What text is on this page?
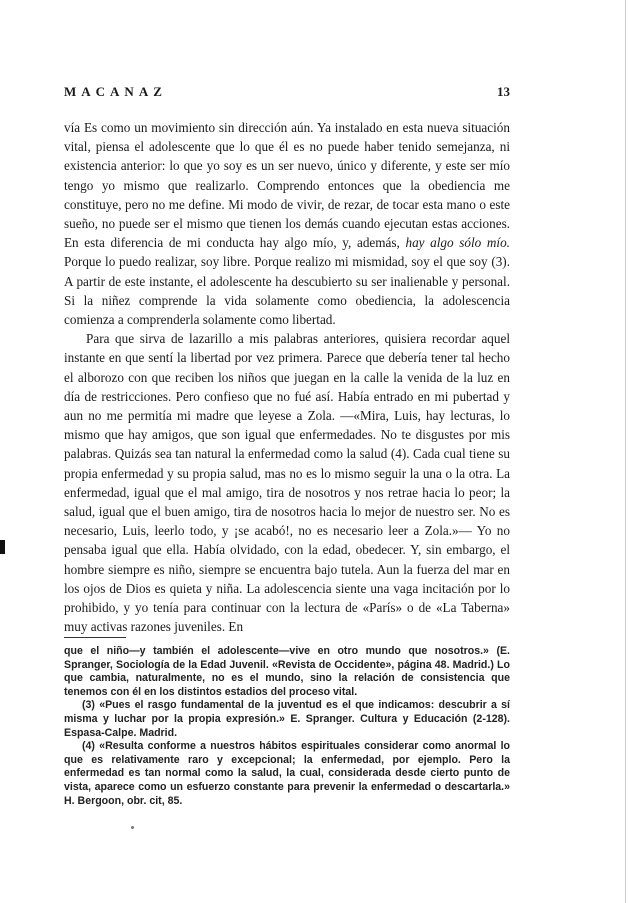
MACANAZ	13

vía Es como un movimiento sin dirección aún. Ya instalado en esta nueva situación vital, piensa el adolescente que lo que él es no puede haber tenido semejanza, ni existencia anterior: lo que yo soy es un ser nuevo, único y diferente, y este ser mío tengo yo mismo que realizarlo. Comprendo entonces que la obediencia me constituye, pero no me define. Mi modo de vivir, de rezar, de tocar esta mano o este sueño, no puede ser el mismo que tienen los demás cuando ejecutan estas acciones. En esta diferencia de mi conducta hay algo mío, y, además, hay algo sólo mío. Porque lo puedo realizar, soy libre. Porque realizo mi mismidad, soy el que soy (3). A partir de este instante, el adolescente ha descubierto su ser inalienable y personal. Si la niñez comprende la vida solamente como obediencia, la adolescencia comienza a comprenderla solamente como libertad.

Para que sirva de lazarillo a mis palabras anteriores, quisiera recordar aquel instante en que sentí la libertad por vez primera. Parece que debería tener tal hecho el alborozo con que reciben los niños que juegan en la calle la venida de la luz en día de restricciones. Pero confieso que no fué así. Había entrado en mi pubertad y aun no me permitía mi madre que leyese a Zola. —«Mira, Luis, hay lecturas, lo mismo que hay amigos, que son igual que enfermedades. No te disgustes por mis palabras. Quizás sea tan natural la enfermedad como la salud (4). Cada cual tiene su propia enfermedad y su propia salud, mas no es lo mismo seguir la una o la otra. La enfermedad, igual que el mal amigo, tira de nosotros y nos retrae hacia lo peor; la salud, igual que el buen amigo, tira de nosotros hacia lo mejor de nuestro ser. No es necesario, Luis, leerlo todo, y ¡se acabó!, no es necesario leer a Zola.»— Yo no pensaba igual que ella. Había olvidado, con la edad, obedecer. Y, sin embargo, el hombre siempre es niño, siempre se encuentra bajo tutela. Aun la fuerza del mar en los ojos de Dios es quieta y niña. La adolescencia siente una vaga incitación por lo prohibido, y yo tenía para continuar con la lectura de «París» o de «La Taberna» muy activas razones juveniles. En

que el niño—y también el adolescente—vive en otro mundo que nosotros.» (E. Spranger, Sociología de la Edad Juvenil. «Revista de Occidente», página 48. Madrid.) Lo que cambia, naturalmente, no es el mundo, sino la relación de consistencia que tenemos con él en los distintos estadios del proceso vital.

(3) «Pues el rasgo fundamental de la juventud es el que indicamos: descubrir a sí misma y luchar por la propia expresión.» E. Spranger. Cultura y Educación (2-128). Espasa-Calpe. Madrid.

(4) «Resulta conforme a nuestros hábitos espirituales considerar como anormal lo que es relativamente raro y excepcional; la enfermedad, por ejemplo. Pero la enfermedad es tan normal como la salud, la cual, considerada desde cierto punto de vista, aparece como un esfuerzo constante para prevenir la enfermedad o descartarla.» H. Bergoon, obr. cit, 85.
